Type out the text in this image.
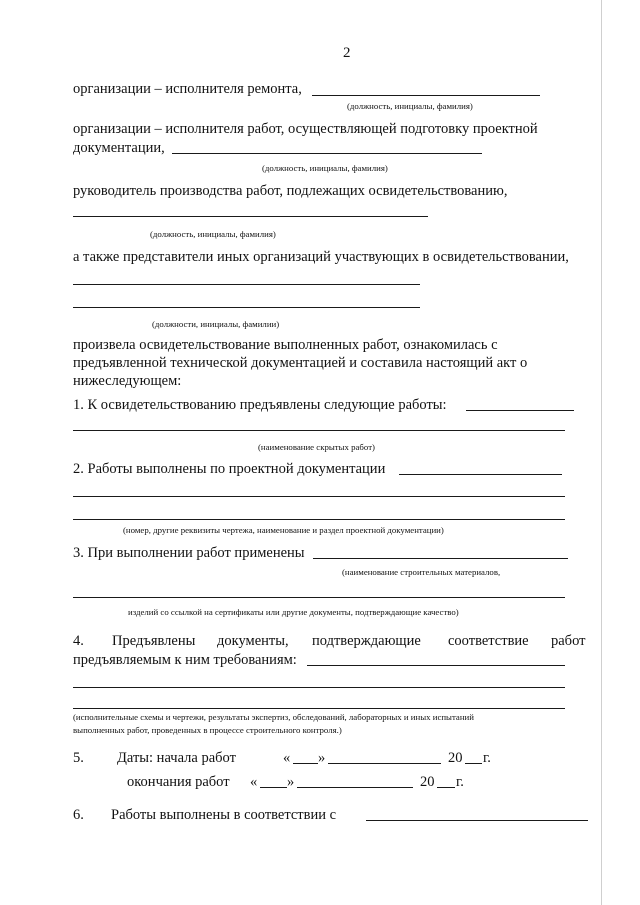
2
организации – исполнителя ремонта,
(должность, инициалы, фамилия)
организации – исполнителя работ, осуществляющей подготовку проектной
документации,
(должность, инициалы, фамилия)
руководитель производства работ, подлежащих освидетельствованию,
(должность, инициалы, фамилия)
а также представители иных организаций участвующих в освидетельствовании,
(должности, инициалы, фамилии)
произвела освидетельствование выполненных работ, ознакомилась с
предъявленной технической документацией и составила настоящий акт о
нижеследующем:
1. К освидетельствованию предъявлены следующие работы:
(наименование скрытых работ)
2. Работы выполнены по проектной документации
(номер, другие реквизиты чертежа, наименование и раздел проектной документации)
3. При выполнении работ применены
(наименование строительных материалов,
изделий со ссылкой на сертификаты или другие документы, подтверждающие качество)
4. Предъявлены документы, подтверждающие соответствие работ
предъявляемым к ним требованиям:
(исполнительные схемы и чертежи, результаты экспертиз, обследований, лабораторных и иных испытаний
выполненных работ, проведенных в процессе строительного контроля.)
5. Даты: начала работ	« »	20 г.
окончания работ « »	20 г.
6. Работы выполнены в соответствии с
